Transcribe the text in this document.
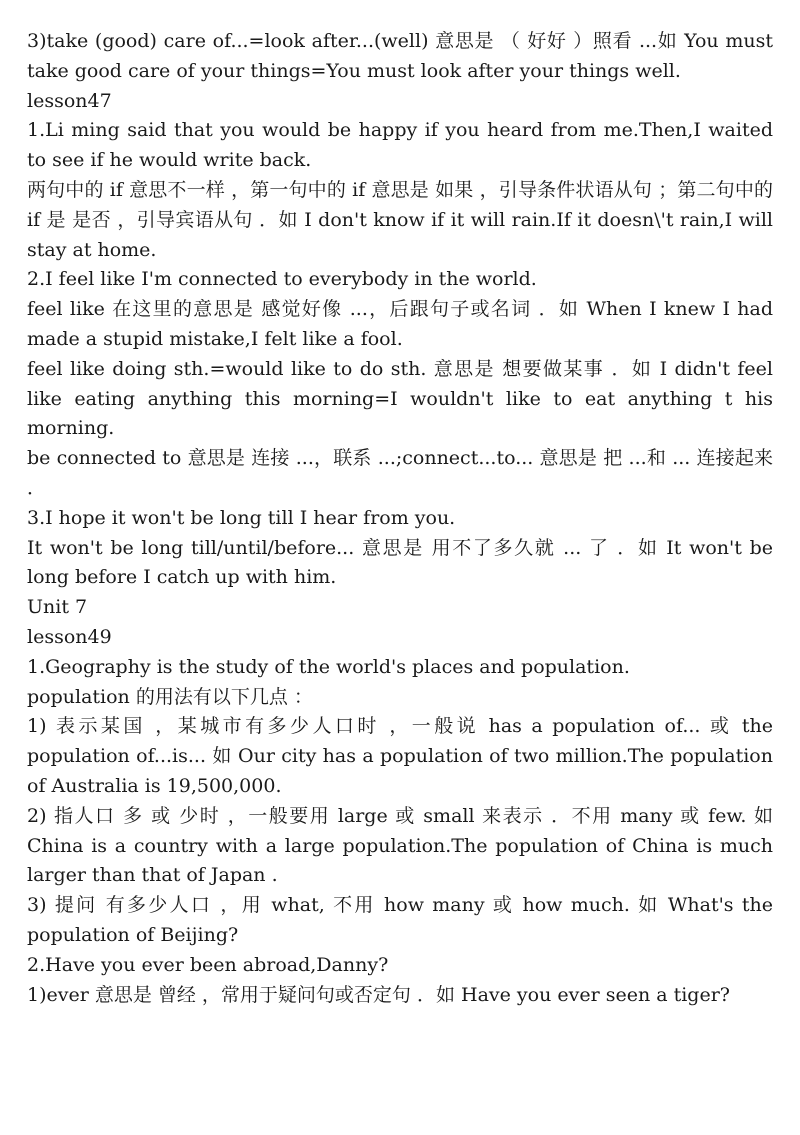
3)take (good) care of...=look after...(well) 意思是 （ 好好 ）照看 ...如 You must take good care of your things=You must look after your things well.
lesson47
1.Li ming said that you would be happy if you heard from me.Then,I waited to see if he would write back.
两句中的 if 意思不一样 ，第一句中的 if 意思是 如果 ，引导条件状语从句 ；第二句中的 if 是 是否 ，引导宾语从句 ．如 I don't know if it will rain.If it doesn\'t rain,I will stay at home.
2.I feel like I'm connected to everybody in the world.
feel like 在这里的意思是 感觉好像 ...，后跟句子或名词 ．如 When I knew I had made a stupid mistake,I felt like a fool.
feel like doing sth.=would like to do sth. 意思是 想要做某事 ．如 I didn't feel like eating anything this morning=I wouldn't like to eat anything t his morning.
be connected to 意思是 连接 ...，联系 ...;connect...to... 意思是 把 ...和 ... 连接起来 ．
3.I hope it won't be long till I hear from you.
It won't be long till/until/before... 意思是 用不了多久就 ... 了 ．如 It won't be long before I catch up with him.
Unit 7
lesson49
1.Geography is the study of the world's places and population.
population 的用法有以下几点 ：
1) 表示某国 ，某城市有多少人口时 ，一般说 has a population of... 或 the population of...is... 如 Our city has a population of two million.The population of Australia is 19,500,000.
2) 指人口 多 或 少时 ，一般要用 large 或 small 来表示 ．不用 many 或 few. 如 China is a country with a large population.The population of China is much larger than that of Japan .
3) 提问 有多少人口 ，用 what, 不用 how many 或 how much. 如 What's the population of Beijing?
2.Have you ever been abroad,Danny?
1)ever 意思是 曾经 ，常用于疑问句或否定句 ．如 Have you ever seen a tiger?
